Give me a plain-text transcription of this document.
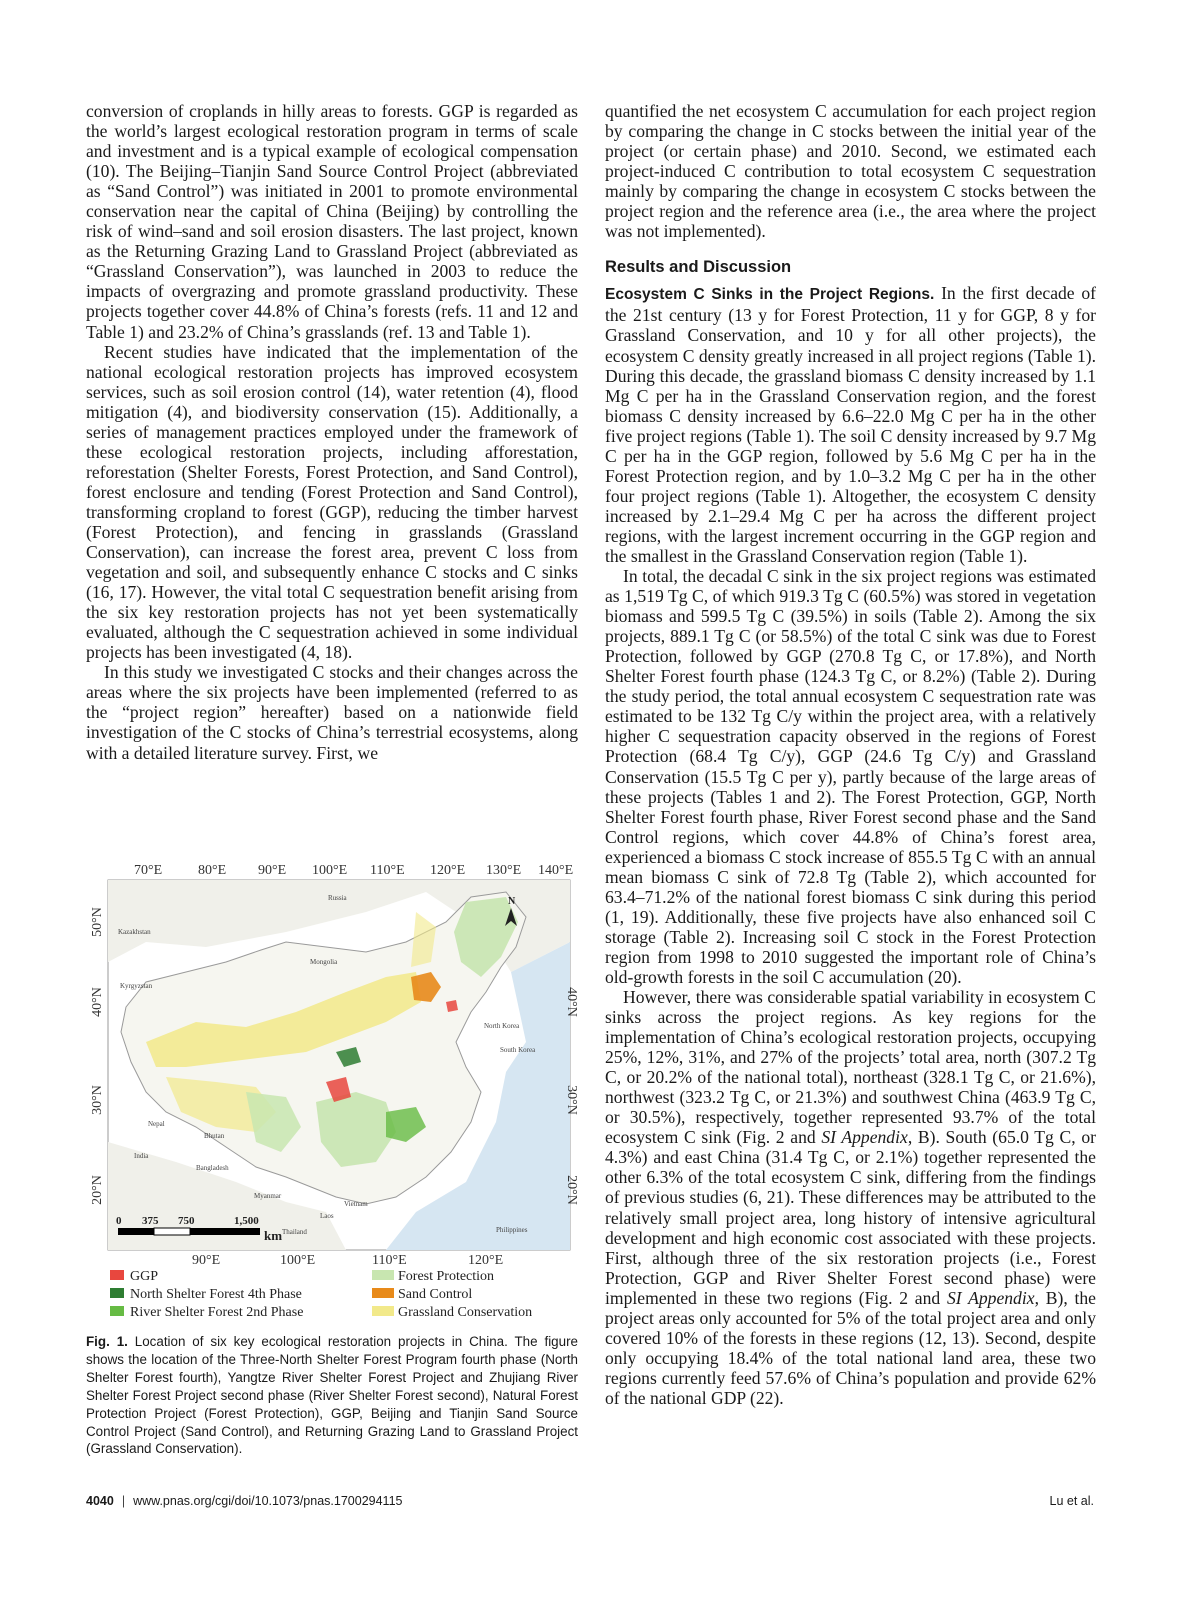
conversion of croplands in hilly areas to forests. GGP is regarded as the world’s largest ecological restoration program in terms of scale and investment and is a typical example of ecological compensation (10). The Beijing–Tianjin Sand Source Control Project (abbreviated as “Sand Control”) was initiated in 2001 to promote environmental conservation near the capital of China (Beijing) by controlling the risk of wind–sand and soil erosion disasters. The last project, known as the Returning Grazing Land to Grassland Project (abbreviated as “Grassland Conservation”), was launched in 2003 to reduce the impacts of overgrazing and promote grassland productivity. These projects together cover 44.8% of China’s forests (refs. 11 and 12 and Table 1) and 23.2% of China’s grasslands (ref. 13 and Table 1).

Recent studies have indicated that the implementation of the national ecological restoration projects has improved ecosystem services, such as soil erosion control (14), water retention (4), flood mitigation (4), and biodiversity conservation (15). Additionally, a series of management practices employed under the framework of these ecological restoration projects, including afforestation, reforestation (Shelter Forests, Forest Protection, and Sand Control), forest enclosure and tending (Forest Protection and Sand Control), transforming cropland to forest (GGP), reducing the timber harvest (Forest Protection), and fencing in grasslands (Grassland Conservation), can increase the forest area, prevent C loss from vegetation and soil, and subsequently enhance C stocks and C sinks (16, 17). However, the vital total C sequestration benefit arising from the six key restoration projects has not yet been systematically evaluated, although the C sequestration achieved in some individual projects has been investigated (4, 18).

In this study we investigated C stocks and their changes across the areas where the six projects have been implemented (referred to as the “project region” hereafter) based on a nationwide field investigation of the C stocks of China’s terrestrial ecosystems, along with a detailed literature survey. First, we

70°E	80°E 90°E 100°E 110°E 120°E 130°E 140°E
90°E	100°E	110°E	120°E
50°N
40°N
30°N
20°N
40°N
30°N
20°N
Russia
Kazakhstan
Mongolia
Kyrgyzstan
North Korea
South Korea
Nepal
Bhutan
India
Bangladesh
Myanmar
Laos
Vietnam
Thailand	Philippines
N
0 375 750	1,500
km
GGP
North Shelter Forest 4th Phase
River Shelter Forest 2nd Phase
Forest Protection
Sand Control
Grassland Conservation
Fig. 1. Location of six key ecological restoration projects in China. The figure shows the location of the Three-North Shelter Forest Program fourth phase (North Shelter Forest fourth), Yangtze River Shelter Forest Project and Zhujiang River Shelter Forest Project second phase (River Shelter Forest second), Natural Forest Protection Project (Forest Protection), GGP, Beijing and Tianjin Sand Source Control Project (Sand Control), and Returning Grazing Land to Grassland Project (Grassland Conservation).

quantified the net ecosystem C accumulation for each project region by comparing the change in C stocks between the initial year of the project (or certain phase) and 2010. Second, we estimated each project-induced C contribution to total ecosystem C sequestration mainly by comparing the change in ecosystem C stocks between the project region and the reference area (i.e., the area where the project was not implemented).

Results and Discussion

Ecosystem C Sinks in the Project Regions. In the first decade of the 21st century (13 y for Forest Protection, 11 y for GGP, 8 y for Grassland Conservation, and 10 y for all other projects), the ecosystem C density greatly increased in all project regions (Table 1). During this decade, the grassland biomass C density increased by 1.1 Mg C per ha in the Grassland Conservation region, and the forest biomass C density increased by 6.6–22.0 Mg C per ha in the other five project regions (Table 1). The soil C density increased by 9.7 Mg C per ha in the GGP region, followed by 5.6 Mg C per ha in the Forest Protection region, and by 1.0–3.2 Mg C per ha in the other four project regions (Table 1). Altogether, the ecosystem C density increased by 2.1–29.4 Mg C per ha across the different project regions, with the largest increment occurring in the GGP region and the smallest in the Grassland Conservation region (Table 1).

In total, the decadal C sink in the six project regions was estimated as 1,519 Tg C, of which 919.3 Tg C (60.5%) was stored in vegetation biomass and 599.5 Tg C (39.5%) in soils (Table 2). Among the six projects, 889.1 Tg C (or 58.5%) of the total C sink was due to Forest Protection, followed by GGP (270.8 Tg C, or 17.8%), and North Shelter Forest fourth phase (124.3 Tg C, or 8.2%) (Table 2). During the study period, the total annual ecosystem C sequestration rate was estimated to be 132 Tg C/y within the project area, with a relatively higher C sequestration capacity observed in the regions of Forest Protection (68.4 Tg C/y), GGP (24.6 Tg C/y) and Grassland Conservation (15.5 Tg C per y), partly because of the large areas of these projects (Tables 1 and 2). The Forest Protection, GGP, North Shelter Forest fourth phase, River Forest second phase and the Sand Control regions, which cover 44.8% of China’s forest area, experienced a biomass C stock increase of 855.5 Tg C with an annual mean biomass C sink of 72.8 Tg (Table 2), which accounted for 63.4–71.2% of the national forest biomass C sink during this period (1, 19). Additionally, these five projects have also enhanced soil C storage (Table 2). Increasing soil C stock in the Forest Protection region from 1998 to 2010 suggested the important role of China’s old-growth forests in the soil C accumulation (20).

However, there was considerable spatial variability in ecosystem C sinks across the project regions. As key regions for the implementation of China’s ecological restoration projects, occupying 25%, 12%, 31%, and 27% of the projects’ total area, north (307.2 Tg C, or 20.2% of the national total), northeast (328.1 Tg C, or 21.6%), northwest (323.2 Tg C, or 21.3%) and southwest China (463.9 Tg C, or 30.5%), respectively, together represented 93.7% of the total ecosystem C sink (Fig. 2 and SI Appendix, B). South (65.0 Tg C, or 4.3%) and east China (31.4 Tg C, or 2.1%) together represented the other 6.3% of the total ecosystem C sink, differing from the findings of previous studies (6, 21). These differences may be attributed to the relatively small project area, long history of intensive agricultural development and high economic cost associated with these projects. First, although three of the six restoration projects (i.e., Forest Protection, GGP and River Shelter Forest second phase) were implemented in these two regions (Fig. 2 and SI Appendix, B), the project areas only accounted for 5% of the total project area and only covered 10% of the forests in these regions (12, 13). Second, despite only occupying 18.4% of the total national land area, these two regions currently feed 57.6% of China’s population and provide 62% of the national GDP (22).

4040 | www.pnas.org/cgi/doi/10.1073/pnas.1700294115	Lu et al.
